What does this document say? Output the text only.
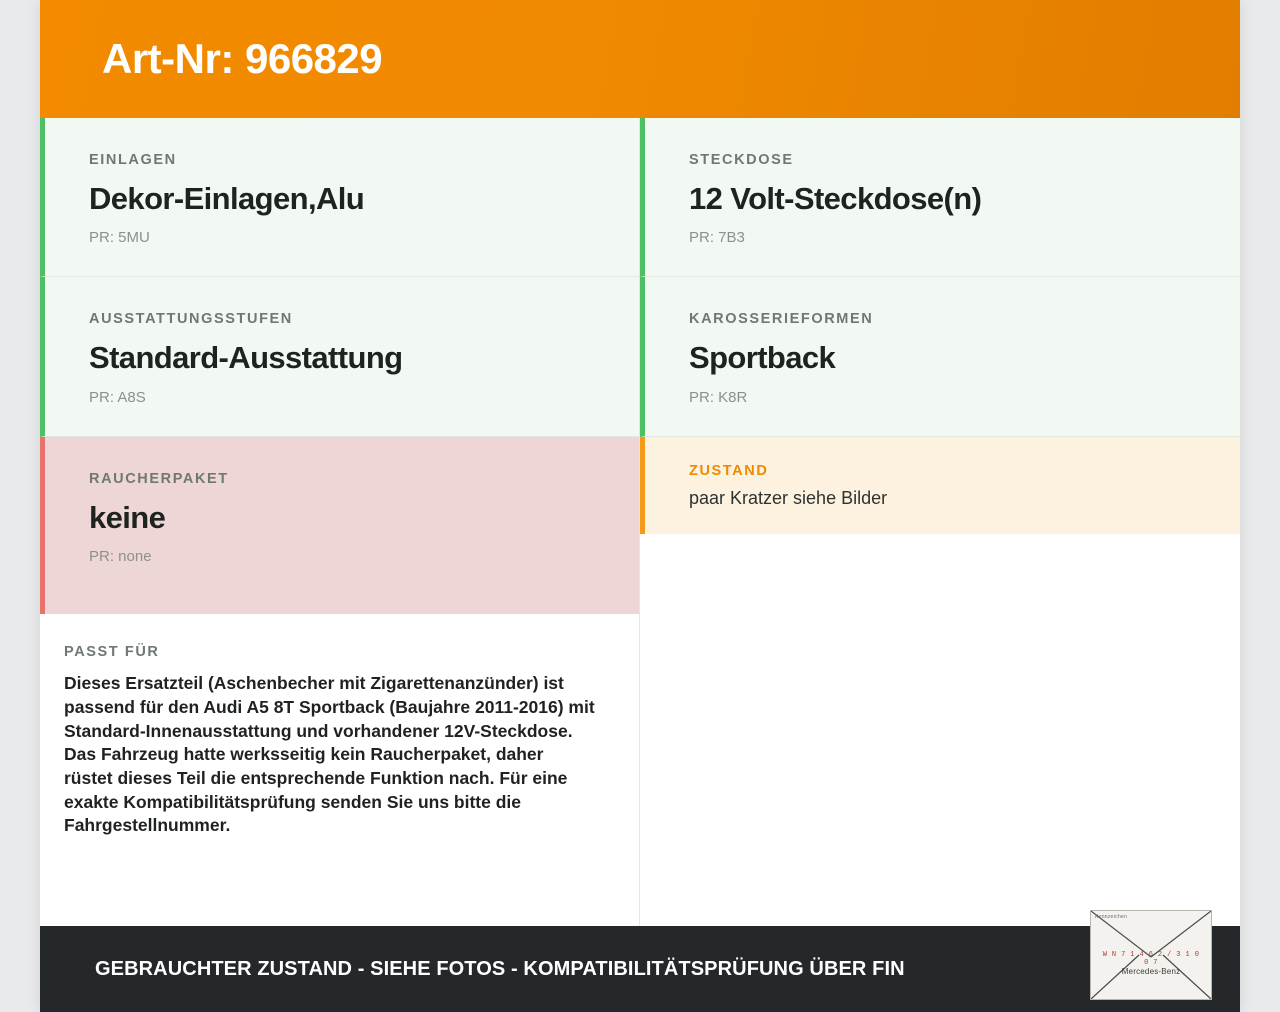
Art-Nr: 966829

EINLAGEN

Dekor-Einlagen,Alu

PR: 5MU

STECKDOSE

12 Volt-Steckdose(n)

PR: 7B3

AUSSTATTUNGSSTUFEN

Standard-Ausstattung

PR: A8S

KAROSSERIEFORMEN

Sportback

PR: K8R

RAUCHERPAKET

keine

PR: none

ZUSTAND

paar Kratzer siehe Bilder

PASST FÜR

Dieses Ersatzteil (Aschenbecher mit Zigarettenanzünder) ist passend für den Audi A5 8T Sportback (Baujahre 2011-2016) mit Standard-Innenausstattung und vorhandener 12V-Steckdose. Das Fahrzeug hatte werksseitig kein Raucherpaket, daher rüstet dieses Teil die entsprechende Funktion nach. Für eine exakte Kompatibilitätsprüfung senden Sie uns bitte die Fahrgestellnummer.

GEBRAUCHTER ZUSTAND - SIEHE FOTOS - KOMPATIBILITÄTSPRÜFUNG ÜBER FIN
Kennzeichen
W N 7 1 4 6 2 / 3 1 0 0 7
Mercedes-Benz
